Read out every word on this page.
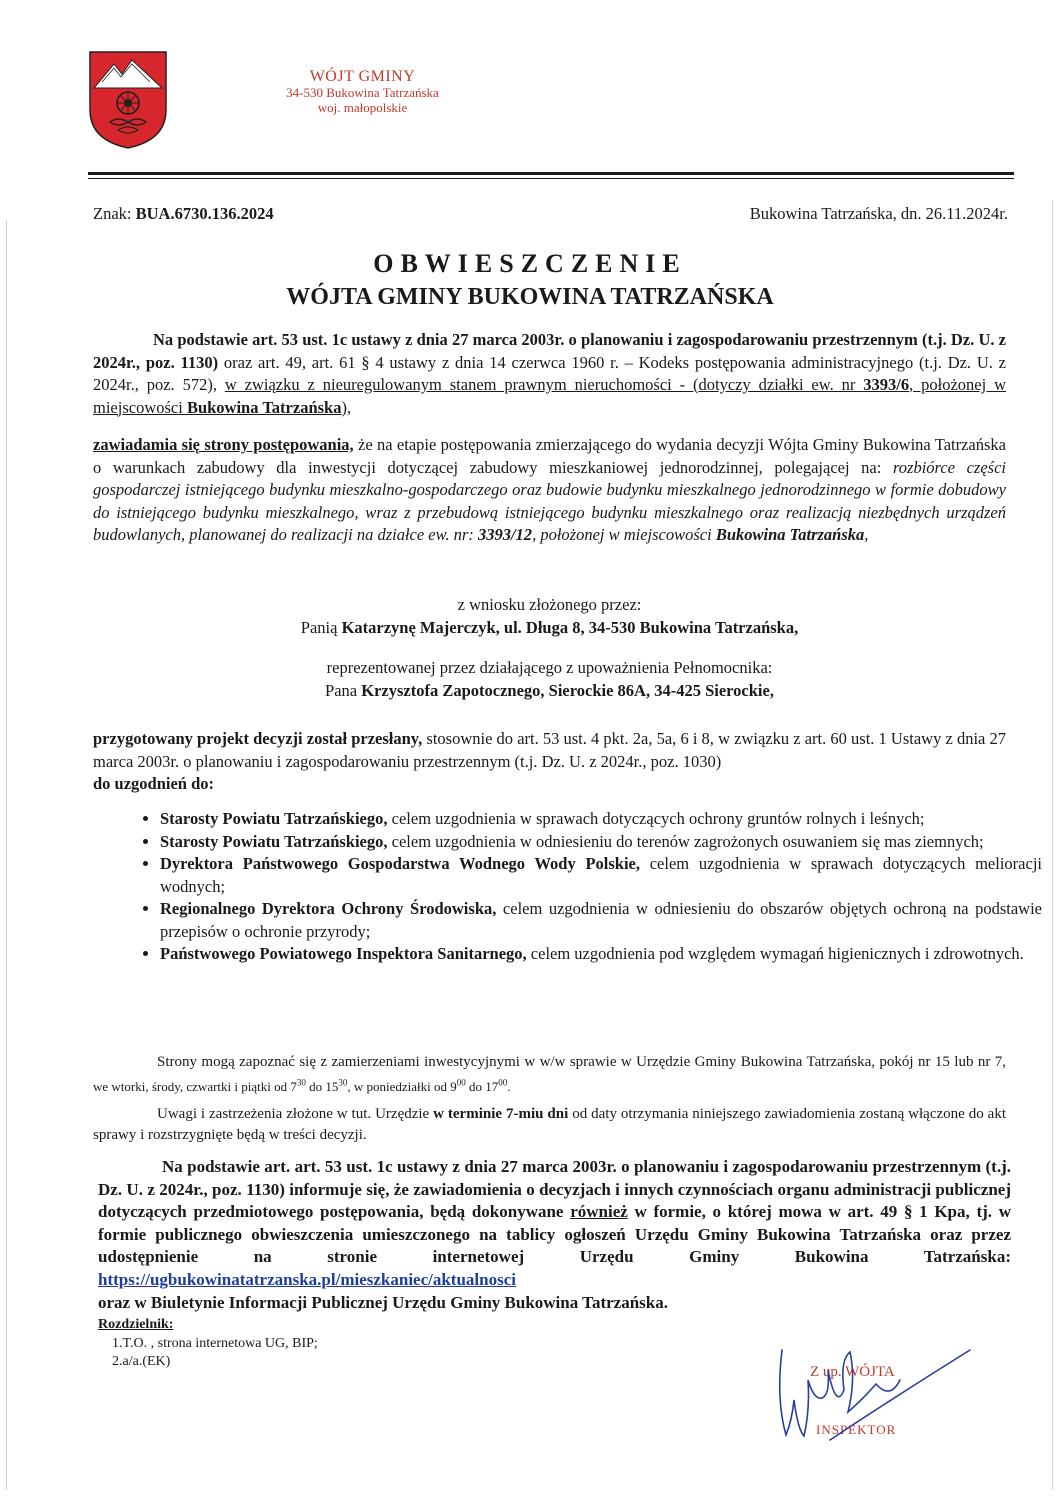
WÓJT GMINY
34-530 Bukowina Tatrzańska
woj. małopolskie
Znak: BUA.6730.136.2024	Bukowina Tatrzańska, dn. 26.11.2024r.
OBWIESZCZENIE
WÓJTA GMINY BUKOWINA TATRZAŃSKA
Na podstawie art. 53 ust. 1c ustawy z dnia 27 marca 2003r. o planowaniu i zagospodarowaniu przestrzennym (t.j. Dz. U. z 2024r., poz. 1130) oraz art. 49, art. 61 § 4 ustawy z dnia 14 czerwca 1960 r. – Kodeks postępowania administracyjnego (t.j. Dz. U. z 2024r., poz. 572), w związku z nieuregulowanym stanem prawnym nieruchomości - (dotyczy działki ew. nr 3393/6, położonej w miejscowości Bukowina Tatrzańska),
zawiadamia się strony postępowania, że na etapie postępowania zmierzającego do wydania decyzji Wójta Gminy Bukowina Tatrzańska o warunkach zabudowy dla inwestycji dotyczącej zabudowy mieszkaniowej jednorodzinnej, polegającej na: rozbiórce części gospodarczej istniejącego budynku mieszkalno-gospodarczego oraz budowie budynku mieszkalnego jednorodzinnego w formie dobudowy do istniejącego budynku mieszkalnego, wraz z przebudową istniejącego budynku mieszkalnego oraz realizacją niezbędnych urządzeń budowlanych, planowanej do realizacji na działce ew. nr: 3393/12, położonej w miejscowości Bukowina Tatrzańska,
z wniosku złożonego przez:
Panią Katarzynę Majerczyk, ul. Długa 8, 34-530 Bukowina Tatrzańska,
reprezentowanej przez działającego z upoważnienia Pełnomocnika:
Pana Krzysztofa Zapotocznego, Sierockie 86A, 34-425 Sierockie,
przygotowany projekt decyzji został przesłany, stosownie do art. 53 ust. 4 pkt. 2a, 5a, 6 i 8, w związku z art. 60 ust. 1 Ustawy z dnia 27 marca 2003r. o planowaniu i zagospodarowaniu przestrzennym (t.j. Dz. U. z 2024r., poz. 1030)
do uzgodnień do:
• Starosty Powiatu Tatrzańskiego, celem uzgodnienia w sprawach dotyczących ochrony gruntów rolnych i leśnych;
• Starosty Powiatu Tatrzańskiego, celem uzgodnienia w odniesieniu do terenów zagrożonych osuwaniem się mas ziemnych;
• Dyrektora Państwowego Gospodarstwa Wodnego Wody Polskie, celem uzgodnienia w sprawach dotyczących melioracji wodnych;
• Regionalnego Dyrektora Ochrony Środowiska, celem uzgodnienia w odniesieniu do obszarów objętych ochroną na podstawie przepisów o ochronie przyrody;
• Państwowego Powiatowego Inspektora Sanitarnego, celem uzgodnienia pod względem wymagań higienicznych i zdrowotnych.
Strony mogą zapoznać się z zamierzeniami inwestycyjnymi w w/w sprawie w Urzędzie Gminy Bukowina Tatrzańska, pokój nr 15 lub nr 7, we wtorki, środy, czwartki i piątki od $7^{30}$ do $15^{30}$, w poniedziałki od $9^{00}$ do $17^{00}$.
Uwagi i zastrzeżenia złożone w tut. Urzędzie w terminie 7-miu dni od daty otrzymania niniejszego zawiadomienia zostaną włączone do akt sprawy i rozstrzygnięte będą w treści decyzji.
Na podstawie art. art. 53 ust. 1c ustawy z dnia 27 marca 2003r. o planowaniu i zagospodarowaniu przestrzennym (t.j. Dz. U. z 2024r., poz. 1130) informuje się, że zawiadomienia o decyzjach i innych czynnościach organu administracji publicznej dotyczących przedmiotowego postępowania, będą dokonywane również w formie, o której mowa w art. 49 § 1 Kpa, tj. w formie publicznego obwieszczenia umieszczonego na tablicy ogłoszeń Urzędu Gminy Bukowina Tatrzańska oraz przez udostępnienie na stronie internetowej Urzędu Gminy Bukowina Tatrzańska: https://ugbukowinatatrzanska.pl/mieszkaniec/aktualnosci
oraz w Biuletynie Informacji Publicznej Urzędu Gminy Bukowina Tatrzańska.
Rozdzielnik:
1.T.O. , strona internetowa UG, BIP;
2.a/a.(EK)
Z up. WÓJTA
INSPEKTOR
